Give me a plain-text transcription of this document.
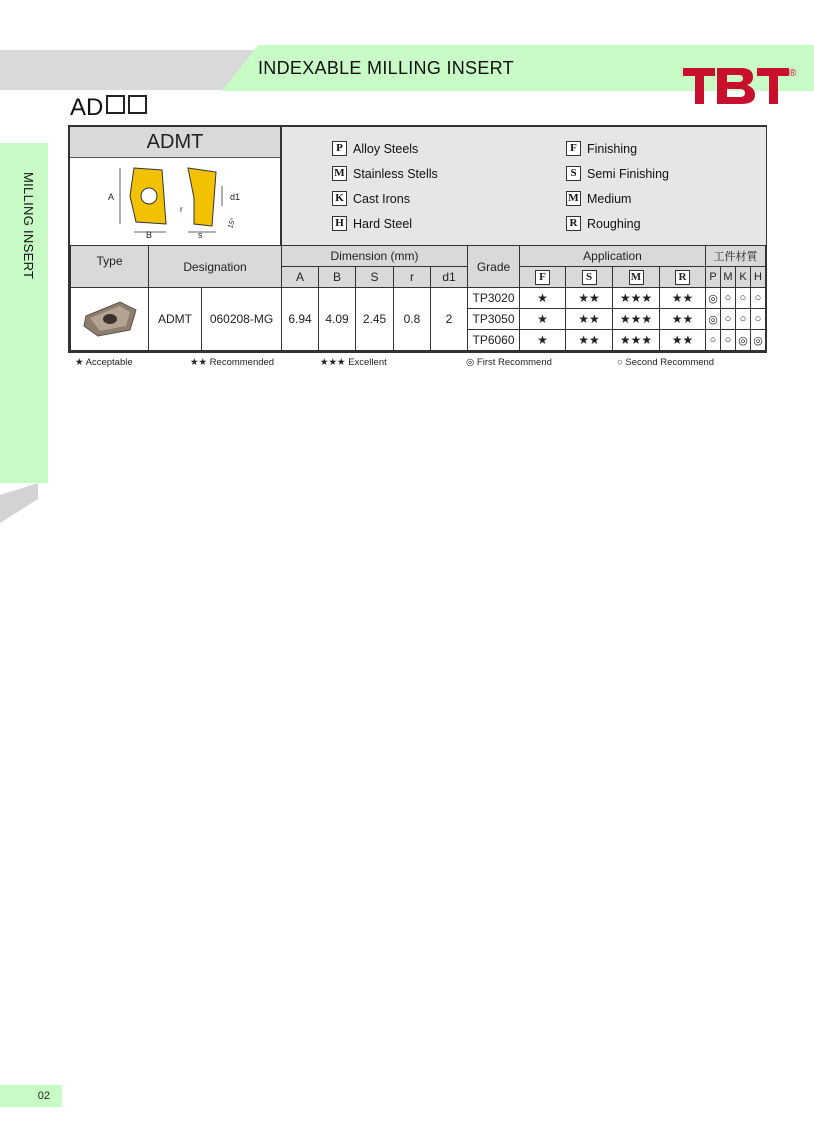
INDEXABLE MILLING INSERT	®
AD
MILLING INSERT
ADMT
A
B
r
s
d1
15°
P Alloy Steels
M Stainless Stells
K Cast Irons
H Hard Steel
F Finishing
S Semi Finishing
M Medium
R Roughing
Type	Designation		Dimension (mm)					Grade	Application				工件材質			
			A	B	S	r	d1		F	S	M	R	P	M	K	H
	ADMT	060208-MG	6.94	4.09	2.45	0.8	2	TP3020	★	★★	★★★	★★	◎	○	○	○
								TP3050	★	★★	★★★	★★	◎	○	○	○
								TP6060	★	★★	★★★	★★	○	○	◎	◎
★ Acceptable	★★ Recommended	★★★ Excellent	◎ First Recommend	○ Second Recommend
02
